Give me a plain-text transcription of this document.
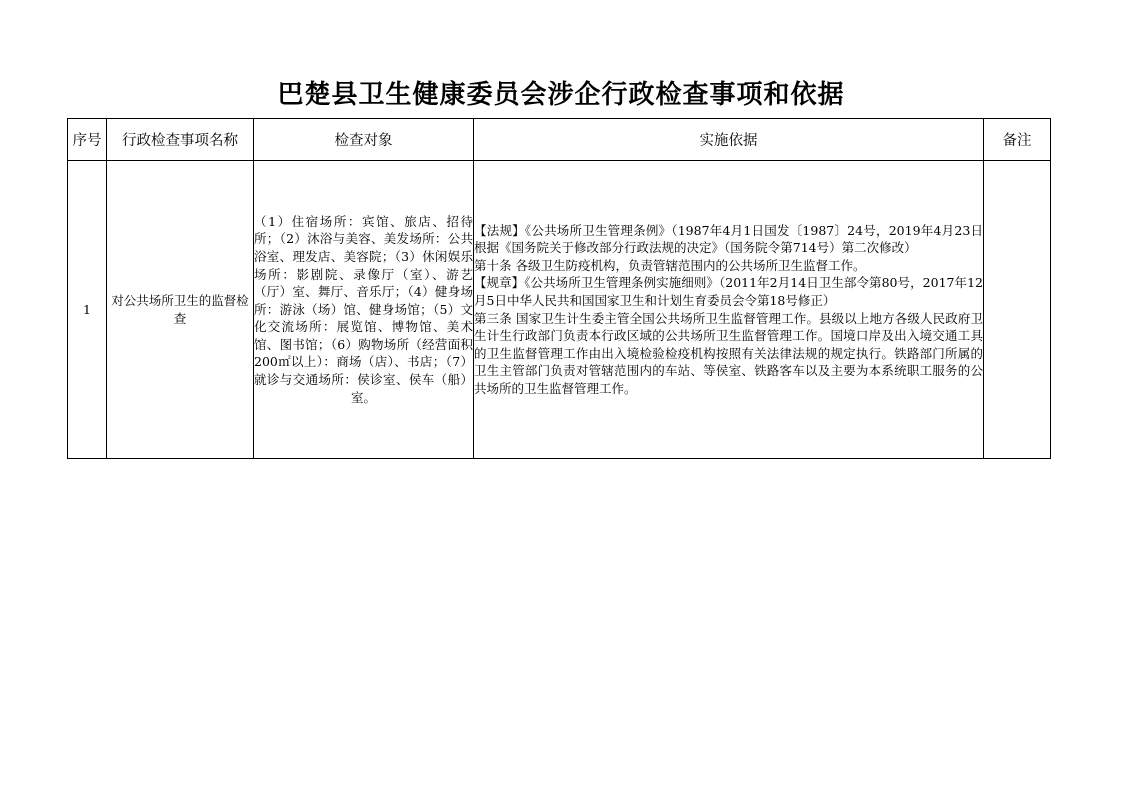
巴楚县卫生健康委员会涉企行政检查事项和依据
序号	行政检查事项名称	检查对象	实施依据	备注
1	对公共场所卫生的监督检查	（1）住宿场所：宾馆、旅店、招待所；（2）沐浴与美容、美发场所：公共浴室、理发店、美容院；（3）休闲娱乐场所：影剧院、录像厅（室）、游艺（厅）室、舞厅、音乐厅；（4）健身场所：游泳（场）馆、健身场馆；（5）文化交流场所：展览馆、博物馆、美术馆、图书馆；（6）购物场所（经营面积200㎡以上）：商场（店）、书店；（7）就诊与交通场所：侯诊室、侯车（船）室。	【法规】《公共场所卫生管理条例》（1987年4月1日国发〔1987〕24号，2019年4月23日根据《国务院关于修改部分行政法规的决定》（国务院令第714号）第二次修改）

第十条 各级卫生防疫机构，负责管辖范围内的公共场所卫生监督工作。

【规章】《公共场所卫生管理条例实施细则》（2011年2月14日卫生部令第80号，2017年12月5日中华人民共和国国家卫生和计划生育委员会令第18号修正）

第三条 国家卫生计生委主管全国公共场所卫生监督管理工作。县级以上地方各级人民政府卫生计生行政部门负责本行政区域的公共场所卫生监督管理工作。国境口岸及出入境交通工具的卫生监督管理工作由出入境检验检疫机构按照有关法律法规的规定执行。铁路部门所属的卫生主管部门负责对管辖范围内的车站、等侯室、铁路客车以及主要为本系统职工服务的公共场所的卫生监督管理工作。	
